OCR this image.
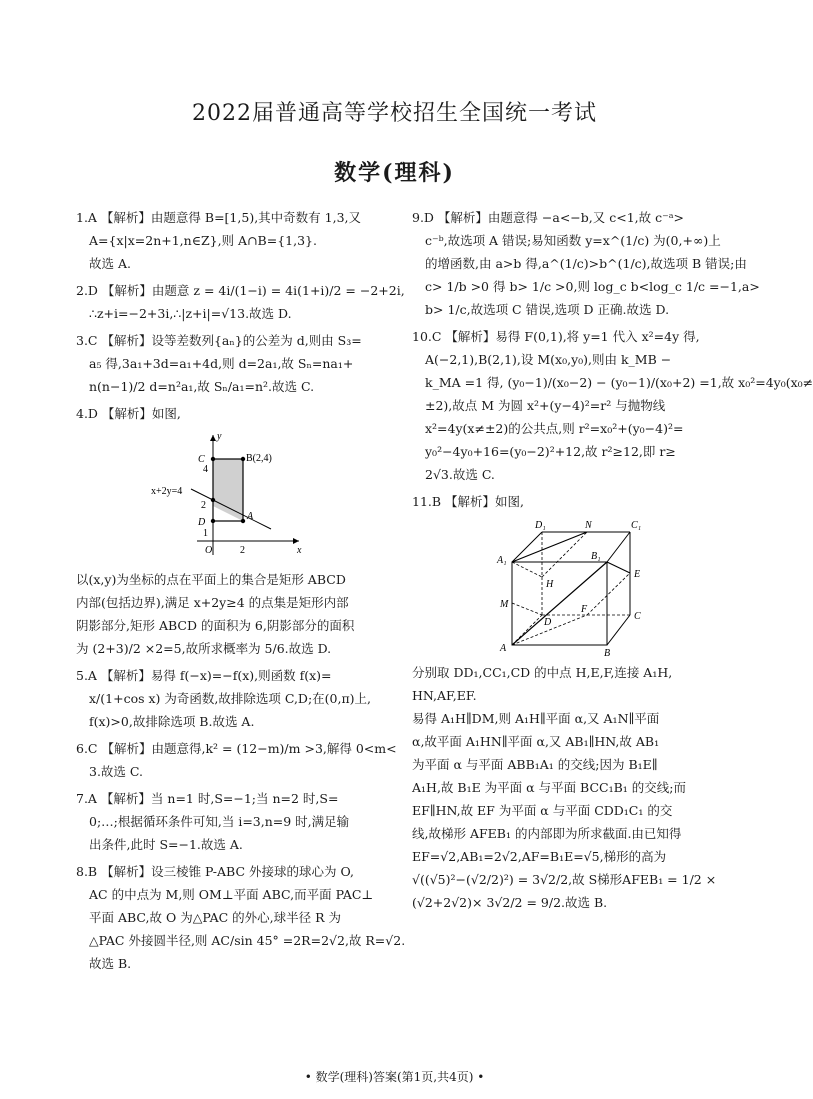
2022届普通高等学校招生全国统一考试
数学(理科)
1.A 【解析】由题意得 B=[1,5),其中奇数有 1,3,又
A={x|x=2n+1,n∈Z},则 A∩B={1,3}.
故选 A.
2.D 【解析】由题意 z = 4i/(1−i) = 4i(1+i)/2 = −2+2i,
∴z+i=−2+3i,∴|z+i|=√13.故选 D.
3.C 【解析】设等差数列{aₙ}的公差为 d,则由 S₃=
a₅ 得,3a₁+3d=a₁+4d,则 d=2a₁,故 Sₙ=na₁+
n(n−1)/2 d=n²a₁,故 Sₙ/a₁=n².故选 C.
4.D 【解析】如图,
y
x
C	B(2,4)
4
x+2y=4
2
D
A
1
O	2
以(x,y)为坐标的点在平面上的集合是矩形 ABCD
内部(包括边界),满足 x+2y≥4 的点集是矩形内部
阴影部分,矩形 ABCD 的面积为 6,阴影部分的面积
为 (2+3)/2 ×2=5,故所求概率为 5/6.故选 D.
5.A 【解析】易得 f(−x)=−f(x),则函数 f(x)=
x/(1+cos x) 为奇函数,故排除选项 C,D;在(0,π)上,
f(x)>0,故排除选项 B.故选 A.
6.C 【解析】由题意得,k² = (12−m)/m >3,解得 0<m<
3.故选 C.
7.A 【解析】当 n=1 时,S=−1;当 n=2 时,S=
0;…;根据循环条件可知,当 i=3,n=9 时,满足输
出条件,此时 S=−1.故选 A.
8.B 【解析】设三棱锥 P-ABC 外接球的球心为 O,
AC 的中点为 M,则 OM⊥平面 ABC,而平面 PAC⊥
平面 ABC,故 O 为△PAC 的外心,球半径 R 为
△PAC 外接圆半径,则 AC/sin 45° =2R=2√2,故 R=√2.
故选 B.
9.D 【解析】由题意得 −a<−b,又 c<1,故 c⁻ᵃ>
c⁻ᵇ,故选项 A 错误;易知函数 y=x^(1/c) 为(0,+∞)上
的增函数,由 a>b 得,a^(1/c)>b^(1/c),故选项 B 错误;由
c> 1/b >0 得 b> 1/c >0,则 log_c b<log_c 1/c =−1,a>
b> 1/c,故选项 C 错误,选项 D 正确.故选 D.
10.C 【解析】易得 F(0,1),将 y=1 代入 x²=4y 得,
A(−2,1),B(2,1),设 M(x₀,y₀),则由 k_MB −
k_MA =1 得, (y₀−1)/(x₀−2) − (y₀−1)/(x₀+2) =1,故 x₀²=4y₀(x₀≠
±2),故点 M 为圆 x²+(y−4)²=r² 与抛物线
x²=4y(x≠±2)的公共点,则 r²=x₀²+(y₀−4)²=
y₀²−4y₀+16=(y₀−2)²+12,故 r²≥12,即 r≥
2√3.故选 C.
11.B 【解析】如图,
D₁	N	C₁
A₁	B₁
E
H
M
D
F
C
A	B
分别取 DD₁,CC₁,CD 的中点 H,E,F,连接 A₁H,
HN,AF,EF.
易得 A₁H∥DM,则 A₁H∥平面 α,又 A₁N∥平面
α,故平面 A₁HN∥平面 α,又 AB₁∥HN,故 AB₁
为平面 α 与平面 ABB₁A₁ 的交线;因为 B₁E∥
A₁H,故 B₁E 为平面 α 与平面 BCC₁B₁ 的交线;而
EF∥HN,故 EF 为平面 α 与平面 CDD₁C₁ 的交
线,故梯形 AFEB₁ 的内部即为所求截面.由已知得
EF=√2,AB₁=2√2,AF=B₁E=√5,梯形的高为
√((√5)²−(√2/2)²) = 3√2/2,故 S梯形AFEB₁ = 1/2 ×
(√2+2√2)× 3√2/2 = 9/2.故选 B.
• 数学(理科)答案(第1页,共4页) •
